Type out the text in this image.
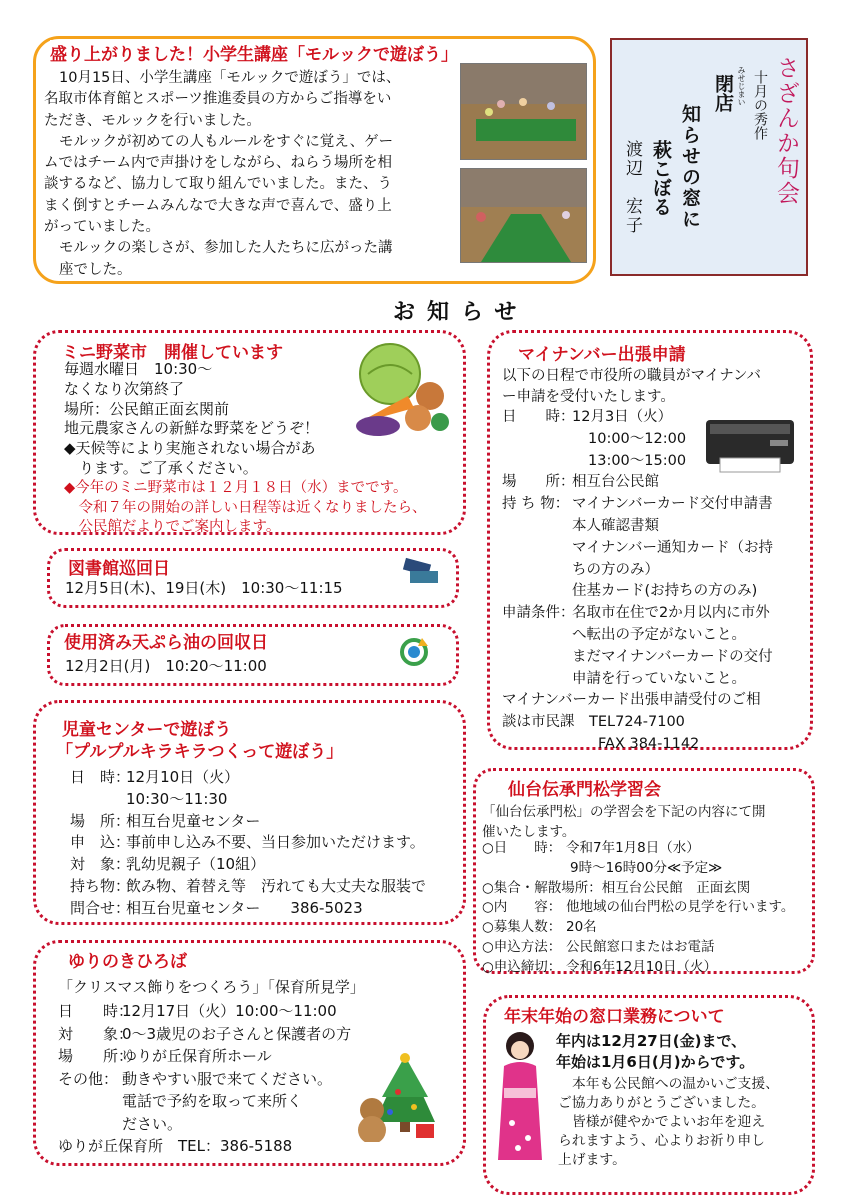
盛り上がりました！小学生講座「モルックで遊ぼう」
10月15日、小学生講座「モルックで遊ぼう」では、
名取市体育館とスポーツ推進委員の方からご指導をい
ただき、モルックを行いました。
モルックが初めての人もルールをすぐに覚え、ゲー
ムではチーム内で声掛けをしながら、ねらう場所を相
談するなど、協力して取り組んでいました。また、う
まく倒すとチームみんなで大きな声で喜んで、盛り上
がっていました。
モルックの楽しさが、参加した人たちに広がった講
座でした。
さざんか句会
十月の秀作
みせじまい
閉店
知らせの窓に
萩こぼる
渡辺　宏子
お知らせ
ミニ野菜市　開催しています
毎週水曜日　10:30〜
なくなり次第終了
場所：公民館正面玄関前
地元農家さんの新鮮な野菜をどうぞ！
◆天候等により実施されない場合があ
　ります。ご了承ください。
◆今年のミニ野菜市は１２月１８日（水）までです。
　令和７年の開始の詳しい日程等は近くなりましたら、
　公民館だよりでご案内します。
図書館巡回日
12月5日(木)、19日(木)　10:30〜11:15
使用済み天ぷら油の回収日
12月2日(月)　10:20〜11:00
児童センターで遊ぼう
「プルプルキラキラつくって遊ぼう」
日　時：12月10日（火）
10:30〜11:30
場　所：相互台児童センター
申　込：事前申し込み不要、当日参加いただけます。
対　象：乳幼児親子（10組）
持ち物：飲み物、着替え等　汚れても大丈夫な服装で
問合せ：相互台児童センター　　386-5023
ゆりのきひろば
「クリスマス飾りをつくろう」「保育所見学」
日　　時：12月17日（火）10:00〜11:00
対　　象：0〜3歳児のお子さんと保護者の方
場　　所：ゆりが丘保育所ホール
その他： 動きやすい服で来てください。
電話で予約を取って来所く
ださい。
ゆりが丘保育所　TEL：386-5188
マイナンバー出張申請
以下の日程で市役所の職員がマイナンバ
ー申請を受付いたします。
日　　時：12月3日（火）
10:00〜12:00
13:00〜15:00
場　　所：相互台公民館
持 ち 物： マイナンバーカード交付申請書
本人確認書類
マイナンバー通知カード（お持
ちの方のみ）
住基カード(お持ちの方のみ)
申請条件：名取市在住で2か月以内に市外
へ転出の予定がないこと。
まだマイナンバーカードの交付
申請を行っていないこと。
マイナンバーカード出張申請受付のご相
談は市民課　TEL724-7100
FAX 384-1142
仙台伝承門松学習会
「仙台伝承門松」の学習会を下記の内容にて開
催いたします。
○日　　時： 令和7年1月8日（水）
9時〜16時00分≪予定≫
○集合・解散場所：相互台公民館　正面玄関
○内　　容： 他地域の仙台門松の見学を行います。
○募集人数： 20名
○申込方法： 公民館窓口またはお電話
○申込締切： 令和6年12月10日（火）
年末年始の窓口業務について
年内は12月27日(金)まで、
年始は1月6日(月)からです。
本年も公民館への温かいご支援、
ご協力ありがとうございました。
皆様が健やかでよいお年を迎え
られますよう、心よりお祈り申し
上げます。
